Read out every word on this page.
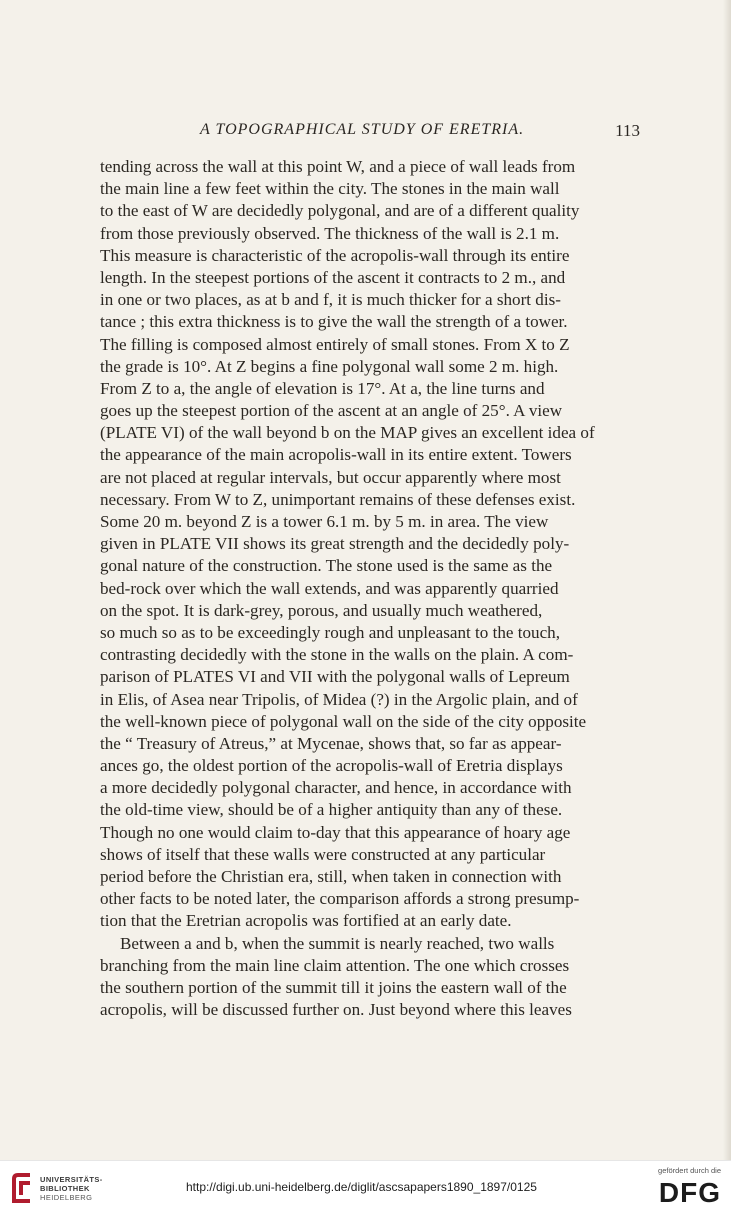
A TOPOGRAPHICAL STUDY OF ERETRIA.	113
tending across the wall at this point W, and a piece of wall leads from
the main line a few feet within the city. The stones in the main wall
to the east of W are decidedly polygonal, and are of a different quality
from those previously observed. The thickness of the wall is 2.1 m.
This measure is characteristic of the acropolis-wall through its entire
length. In the steepest portions of the ascent it contracts to 2 m., and
in one or two places, as at b and f, it is much thicker for a short dis-
tance ; this extra thickness is to give the wall the strength of a tower.
The filling is composed almost entirely of small stones. From X to Z
the grade is 10°. At Z begins a fine polygonal wall some 2 m. high.
From Z to a, the angle of elevation is 17°. At a, the line turns and
goes up the steepest portion of the ascent at an angle of 25°. A view
(PLATE VI) of the wall beyond b on the MAP gives an excellent idea of
the appearance of the main acropolis-wall in its entire extent. Towers
are not placed at regular intervals, but occur apparently where most
necessary. From W to Z, unimportant remains of these defenses exist.
Some 20 m. beyond Z is a tower 6.1 m. by 5 m. in area. The view
given in PLATE VII shows its great strength and the decidedly poly-
gonal nature of the construction. The stone used is the same as the
bed-rock over which the wall extends, and was apparently quarried
on the spot. It is dark-grey, porous, and usually much weathered,
so much so as to be exceedingly rough and unpleasant to the touch,
contrasting decidedly with the stone in the walls on the plain. A com-
parison of PLATES VI and VII with the polygonal walls of Lepreum
in Elis, of Asea near Tripolis, of Midea (?) in the Argolic plain, and of
the well-known piece of polygonal wall on the side of the city opposite
the “ Treasury of Atreus,” at Mycenae, shows that, so far as appear-
ances go, the oldest portion of the acropolis-wall of Eretria displays
a more decidedly polygonal character, and hence, in accordance with
the old-time view, should be of a higher antiquity than any of these.
Though no one would claim to-day that this appearance of hoary age
shows of itself that these walls were constructed at any particular
period before the Christian era, still, when taken in connection with
other facts to be noted later, the comparison affords a strong presump-
tion that the Eretrian acropolis was fortified at an early date.
Between a and b, when the summit is nearly reached, two walls
branching from the main line claim attention. The one which crosses
the southern portion of the summit till it joins the eastern wall of the
acropolis, will be discussed further on. Just beyond where this leaves
UNIVERSITÄTS-
BIBLIOTHEK
HEIDELBERG
http://digi.ub.uni-heidelberg.de/diglit/ascsapapers1890_1897/0125
gefördert durch die
DFG
